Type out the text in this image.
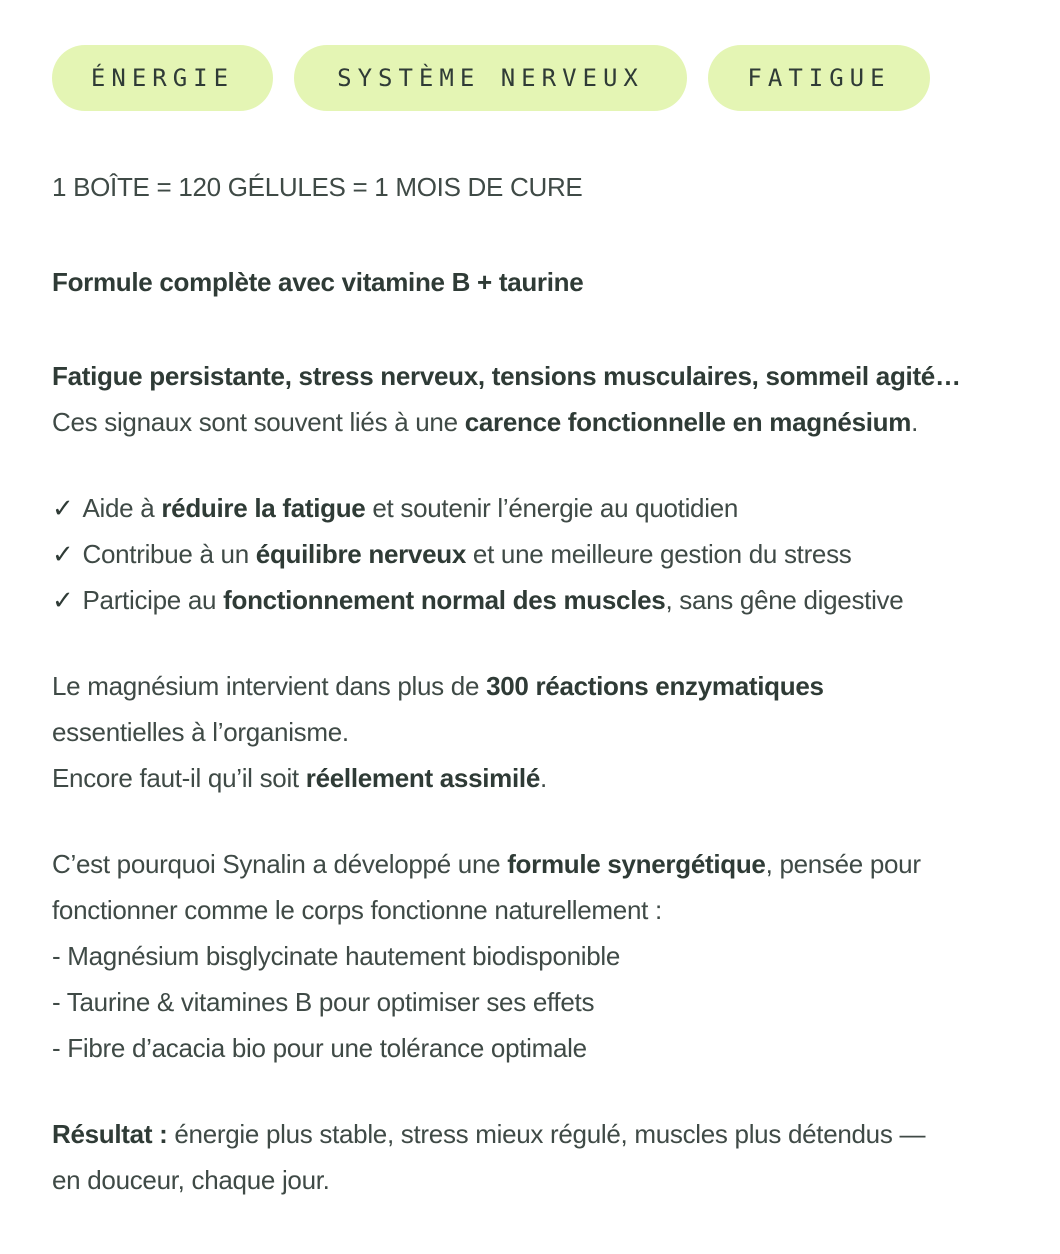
ÉNERGIE	SYSTÈME NERVEUX	FATIGUE

1 BOÎTE = 120 GÉLULES = 1 MOIS DE CURE

Formule complète avec vitamine B + taurine

Fatigue persistante, stress nerveux, tensions musculaires, sommeil agité…

Ces signaux sont souvent liés à une carence fonctionnelle en magnésium.

✓ Aide à réduire la fatigue et soutenir l’énergie au quotidien

✓ Contribue à un équilibre nerveux et une meilleure gestion du stress

✓ Participe au fonctionnement normal des muscles, sans gêne digestive

Le magnésium intervient dans plus de 300 réactions enzymatiques

essentielles à l’organisme.

Encore faut-il qu’il soit réellement assimilé.

C’est pourquoi Synalin a développé une formule synergétique, pensée pour

fonctionner comme le corps fonctionne naturellement :

- Magnésium bisglycinate hautement biodisponible

- Taurine & vitamines B pour optimiser ses effets

- Fibre d’acacia bio pour une tolérance optimale

Résultat : énergie plus stable, stress mieux régulé, muscles plus détendus —

en douceur, chaque jour.
